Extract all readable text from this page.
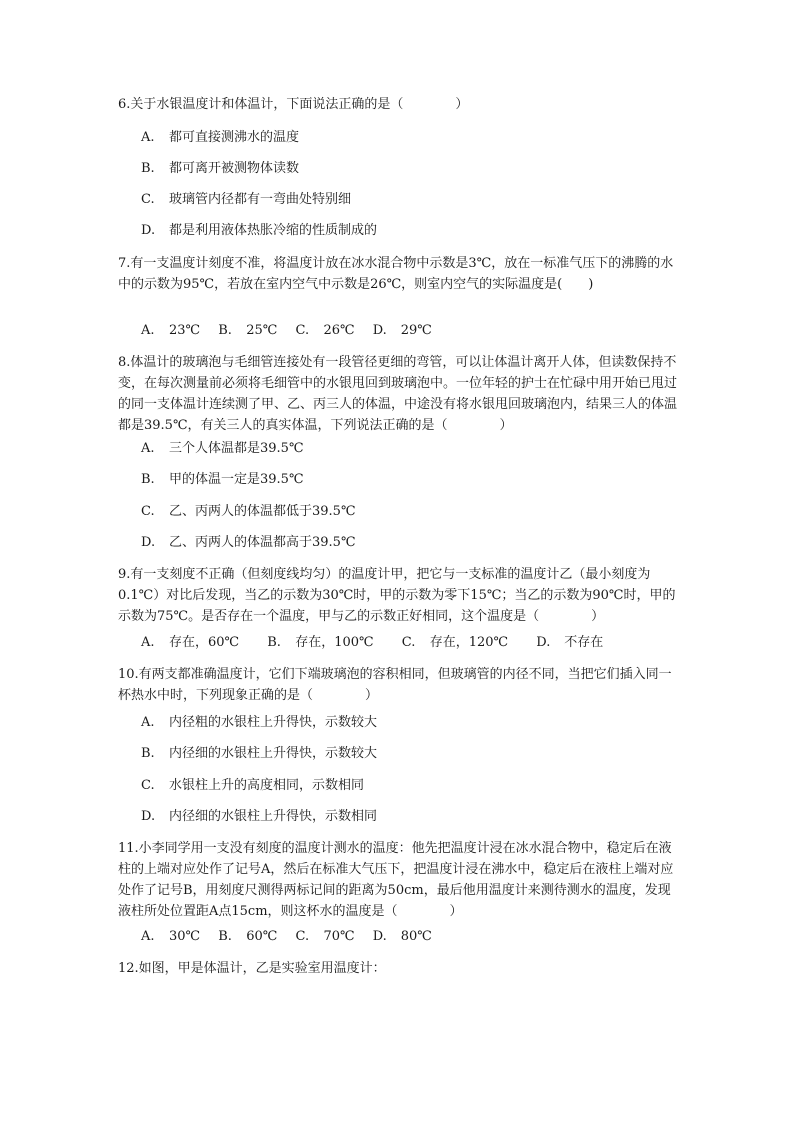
6.关于水银温度计和体温计，下面说法正确的是（　　　　）
A. 都可直接测沸水的温度
B. 都可离开被测物体读数
C. 玻璃管内径都有一弯曲处特别细
D. 都是利用液体热胀冷缩的性质制成的
7.有一支温度计刻度不准，将温度计放在冰水混合物中示数是3℃，放在一标准气压下的沸腾的水中的示数为95℃，若放在室内空气中示数是26℃，则室内空气的实际温度是(　　)
A. 23℃ B. 25℃ C. 26℃ D. 29℃
8.体温计的玻璃泡与毛细管连接处有一段管径更细的弯管，可以让体温计离开人体，但读数保持不变，在每次测量前必须将毛细管中的水银甩回到玻璃泡中。一位年轻的护士在忙碌中用开始已甩过的同一支体温计连续测了甲、乙、丙三人的体温，中途没有将水银甩回玻璃泡内，结果三人的体温都是39.5℃，有关三人的真实体温，下列说法正确的是（　　　　）
A. 三个人体温都是39.5℃
B. 甲的体温一定是39.5℃
C. 乙、丙两人的体温都低于39.5℃
D. 乙、丙两人的体温都高于39.5℃
9.有一支刻度不正确（但刻度线均匀）的温度计甲，把它与一支标准的温度计乙（最小刻度为0.1℃）对比后发现，当乙的示数为30℃时，甲的示数为零下15℃；当乙的示数为90℃时，甲的示数为75℃。是否存在一个温度，甲与乙的示数正好相同，这个温度是（　　　　）
A. 存在，60℃ B. 存在，100℃ C. 存在，120℃ D. 不存在
10.有两支都准确温度计，它们下端玻璃泡的容积相同，但玻璃管的内径不同，当把它们插入同一杯热水中时，下列现象正确的是（　　　　）
A. 内径粗的水银柱上升得快，示数较大
B. 内径细的水银柱上升得快，示数较大
C. 水银柱上升的高度相同，示数相同
D. 内径细的水银柱上升得快，示数相同
11.小李同学用一支没有刻度的温度计测水的温度：他先把温度计浸在冰水混合物中，稳定后在液柱的上端对应处作了记号A，然后在标准大气压下，把温度计浸在沸水中，稳定后在液柱上端对应处作了记号B，用刻度尺测得两标记间的距离为50cm，最后他用温度计来测待测水的温度，发现液柱所处位置距A点15cm，则这杯水的温度是（　　　　）
A. 30℃ B. 60℃ C. 70℃ D. 80℃
12.如图，甲是体温计，乙是实验室用温度计：
